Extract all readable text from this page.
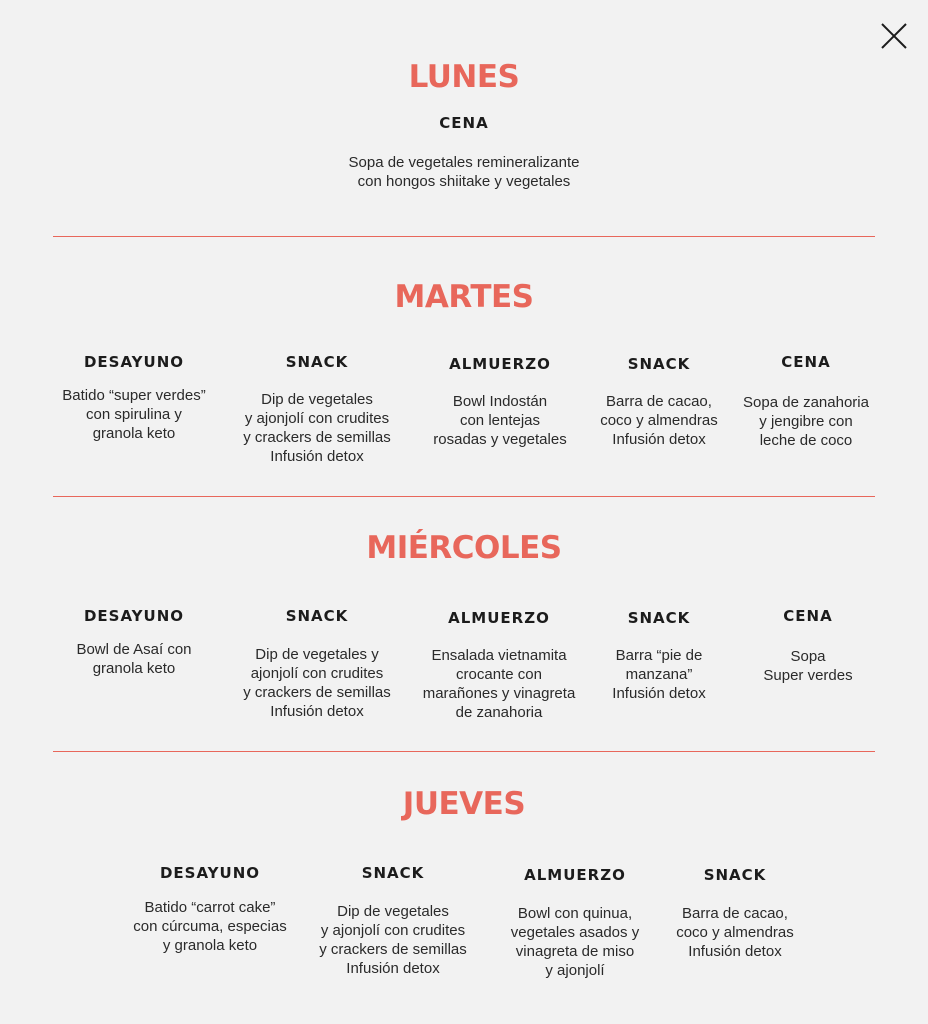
LUNES
CENA
Sopa de vegetales remineralizante
con hongos shiitake y vegetales
MARTES
DESAYUNO
Batido “super verdes”
con spirulina y
granola keto
SNACK
Dip de vegetales
y ajonjolí con crudites
y crackers de semillas
Infusión detox
ALMUERZO
Bowl Indostán
con lentejas
rosadas y vegetales
SNACK
Barra de cacao,
coco y almendras
Infusión detox
CENA
Sopa de zanahoria
y jengibre con
leche de coco
MIÉRCOLES
DESAYUNO
Bowl de Asaí con
granola keto
SNACK
Dip de vegetales y
ajonjolí con crudites
y crackers de semillas
Infusión detox
ALMUERZO
Ensalada vietnamita
crocante con
marañones y vinagreta
de zanahoria
SNACK
Barra “pie de
manzana”
Infusión detox
CENA
Sopa
Super verdes
JUEVES
DESAYUNO
Batido “carrot cake”
con cúrcuma, especias
y granola keto
SNACK
Dip de vegetales
y ajonjolí con crudites
y crackers de semillas
Infusión detox
ALMUERZO
Bowl con quinua,
vegetales asados y
vinagreta de miso
y ajonjolí
SNACK
Barra de cacao,
coco y almendras
Infusión detox
